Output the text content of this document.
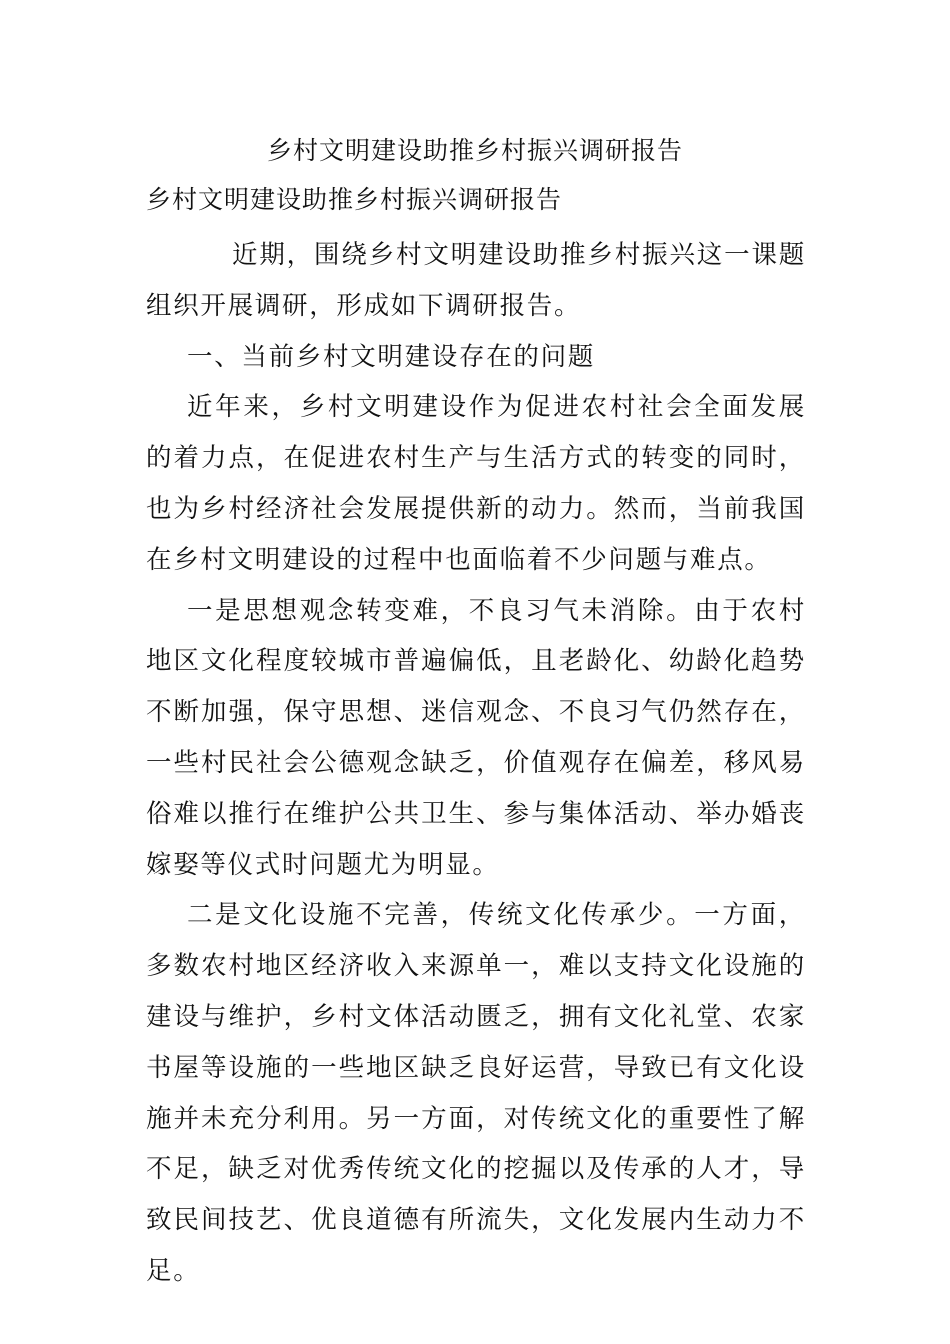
乡村文明建设助推乡村振兴调研报告
乡村文明建设助推乡村振兴调研报告

近期，围绕乡村文明建设助推乡村振兴这一课题组织开展调研，形成如下调研报告。

一、当前乡村文明建设存在的问题

近年来，乡村文明建设作为促进农村社会全面发展的着力点，在促进农村生产与生活方式的转变的同时，也为乡村经济社会发展提供新的动力。然而，当前我国在乡村文明建设的过程中也面临着不少问题与难点。

一是思想观念转变难，不良习气未消除。由于农村地区文化程度较城市普遍偏低，且老龄化、幼龄化趋势不断加强，保守思想、迷信观念、不良习气仍然存在，一些村民社会公德观念缺乏，价值观存在偏差，移风易俗难以推行在维护公共卫生、参与集体活动、举办婚丧嫁娶等仪式时问题尤为明显。

二是文化设施不完善，传统文化传承少。一方面，多数农村地区经济收入来源单一，难以支持文化设施的建设与维护，乡村文体活动匮乏，拥有文化礼堂、农家书屋等设施的一些地区缺乏良好运营，导致已有文化设施并未充分利用。另一方面，对传统文化的重要性了解不足，缺乏对优秀传统文化的挖掘以及传承的人才，导致民间技艺、优良道德有所流失，文化发展内生动力不足。
